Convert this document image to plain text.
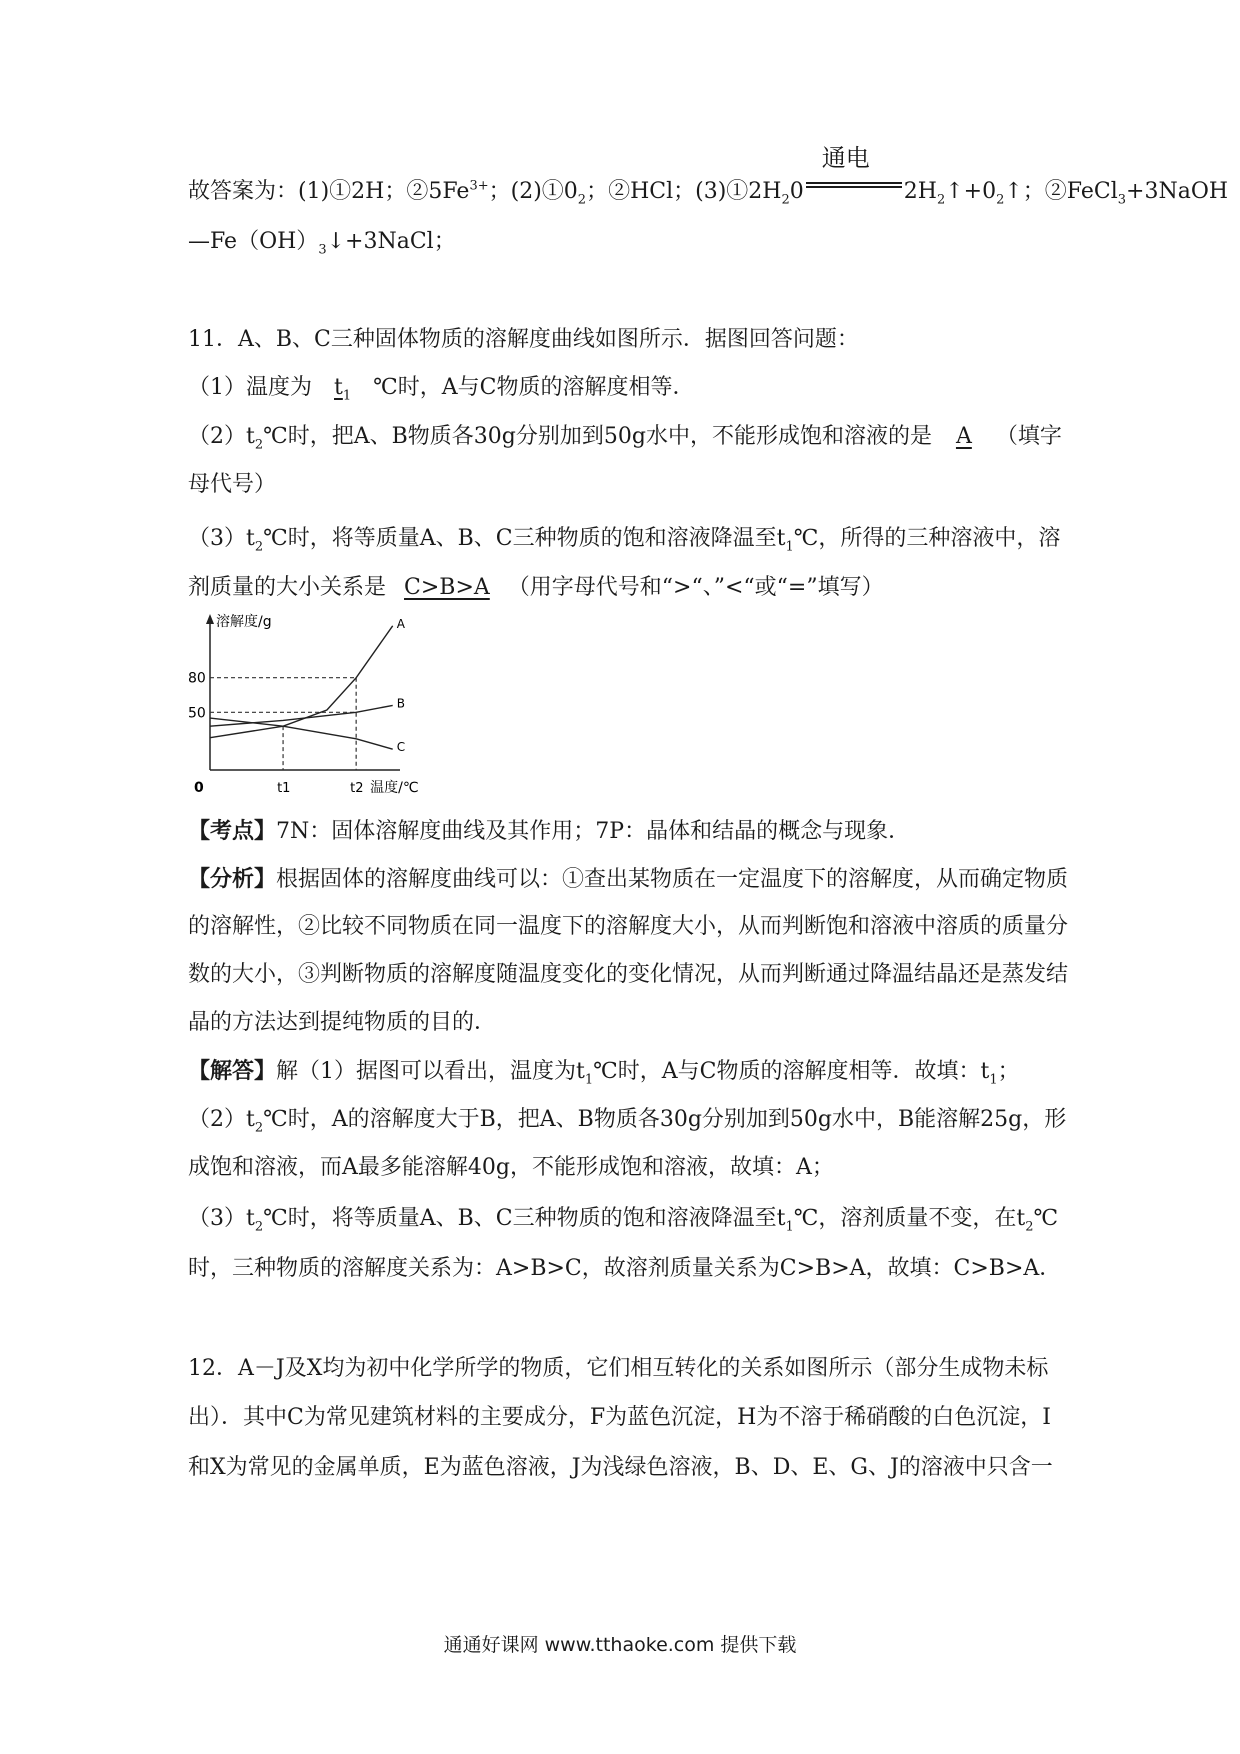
故答案为：(1)①2H；$②5Fe^{3+}$；$(2)①0_2$；②HCl；$(3)①2H_20$
通电
$2H_2↑+0_2↑$；②FeCl$_3$+3NaOH
$—Fe(OH)_3↓+3NaCl$；
11．A、B、C三种固体物质的溶解度曲线如图所示．据图回答问题：
（1）温度为 $t_1$ ℃时，A与C物质的溶解度相等．
$(2)t_2℃$时，把A、B物质各30g分别加到50g水中，不能形成饱和溶液的是 A （填字
母代号）
$(3)t_2℃$时，将等质量A、B、C三种物质的饱和溶液降温至$t_1℃$，所得的三种溶液中，溶
剂质量的大小关系是 C>B>A （用字母代号和“>“、”<“或“=”填写）
溶解度/g
0
80
50
t1	t2 温度/℃
A
B
C
【考点】7N：固体溶解度曲线及其作用；7P：晶体和结晶的概念与现象．
【分析】根据固体的溶解度曲线可以：①查出某物质在一定温度下的溶解度，从而确定物质
的溶解性，②比较不同物质在同一温度下的溶解度大小，从而判断饱和溶液中溶质的质量分
数的大小，③判断物质的溶解度随温度变化的变化情况，从而判断通过降温结晶还是蒸发结
晶的方法达到提纯物质的目的．
【解答】解（1）据图可以看出，温度为$t_1℃$时，A与C物质的溶解度相等．故填：$t_1$；
$(2)t_2℃$时，A的溶解度大于B，把A、B物质各30g分别加到50g水中，B能溶解25g，形
成饱和溶液，而A最多能溶解40g，不能形成饱和溶液，故填：A；
$(3)t_2℃$时，将等质量A、B、C三种物质的饱和溶液降温至$t_1℃$，溶剂质量不变，在$t_2℃$
时，三种物质的溶解度关系为：A>B>C，故溶剂质量关系为C>B>A，故填：C>B>A．
12．A－J及X均为初中化学所学的物质，它们相互转化的关系如图所示（部分生成物未标
出）．其中C为常见建筑材料的主要成分，F为蓝色沉淀，H为不溶于稀硝酸的白色沉淀，I
和X为常见的金属单质，E为蓝色溶液，J为浅绿色溶液，B、D、E、G、J的溶液中只含一
通通好课网 www.tthaoke.com 提供下载
